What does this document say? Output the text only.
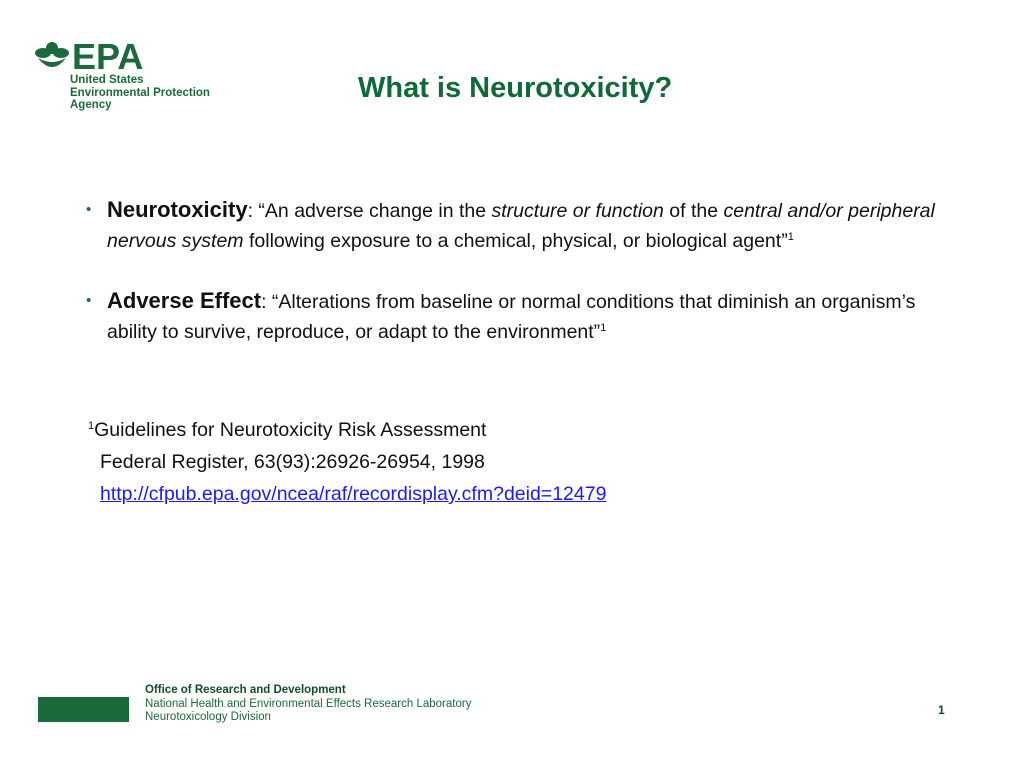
EPA
United States
Environmental Protection
Agency
What is Neurotoxicity?
• Neurotoxicity: “An adverse change in the structure or function of the central and/or peripheral nervous system following exposure to a chemical, physical, or biological agent”$^1$
• Adverse Effect: “Alterations from baseline or normal conditions that diminish an organism’s ability to survive, reproduce, or adapt to the environment”$^1$
$^1$Guidelines for Neurotoxicity Risk Assessment
Federal Register, 63(93):26926-26954, 1998
http://cfpub.epa.gov/ncea/raf/recordisplay.cfm?deid=12479
Office of Research and Development
National Health and Environmental Effects Research Laboratory
Neurotoxicology Division	1
